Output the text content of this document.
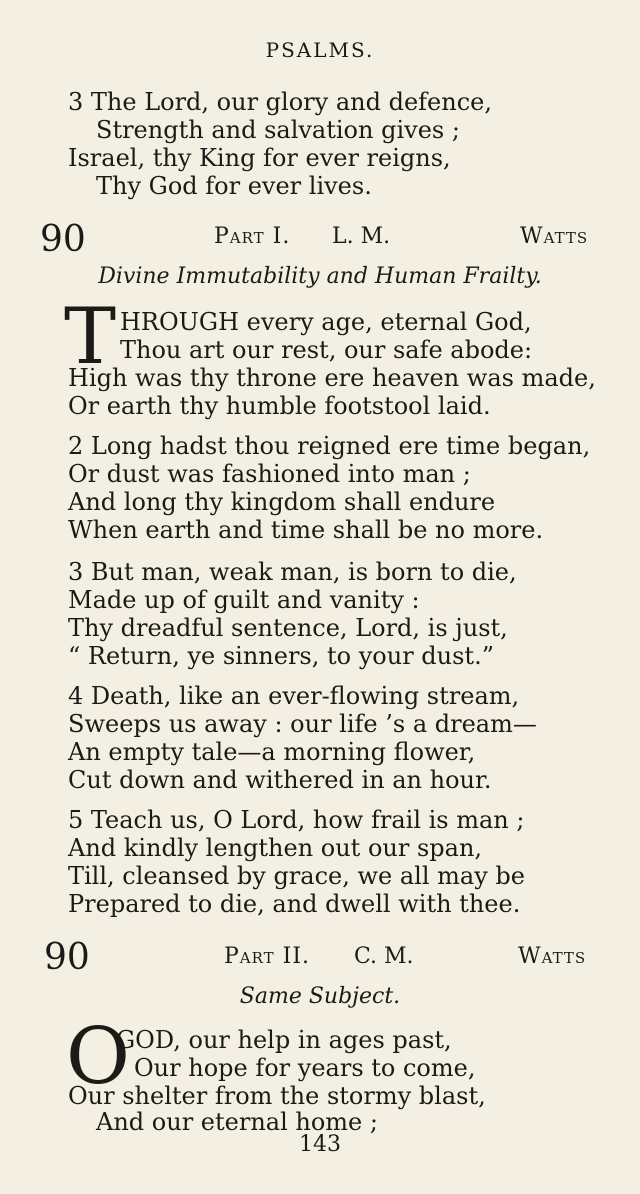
PSALMS.
3 The Lord, our glory and defence,
Strength and salvation gives ;
Israel, thy King for ever reigns,
Thy God for ever lives.
90	Part I. L. M.	Watts
Divine Immutability and Human Frailty.
T HROUGH every age, eternal God,
Thou art our rest, our safe abode:
High was thy throne ere heaven was made,
Or earth thy humble footstool laid.
2 Long hadst thou reigned ere time began,
Or dust was fashioned into man ;
And long thy kingdom shall endure
When earth and time shall be no more.
3 But man, weak man, is born to die,
Made up of guilt and vanity :
Thy dreadful sentence, Lord, is just,
“ Return, ye sinners, to your dust.”
4 Death, like an ever-flowing stream,
Sweeps us away : our life ’s a dream—
An empty tale—a morning flower,
Cut down and withered in an hour.
5 Teach us, O Lord, how frail is man ;
And kindly lengthen out our span,
Till, cleansed by grace, we all may be
Prepared to die, and dwell with thee.
90	Part II. C. M.	Watts
Same Subject.
O
GOD, our help in ages past,
Our hope for years to come,
Our shelter from the stormy blast,
And our eternal home ;
143
